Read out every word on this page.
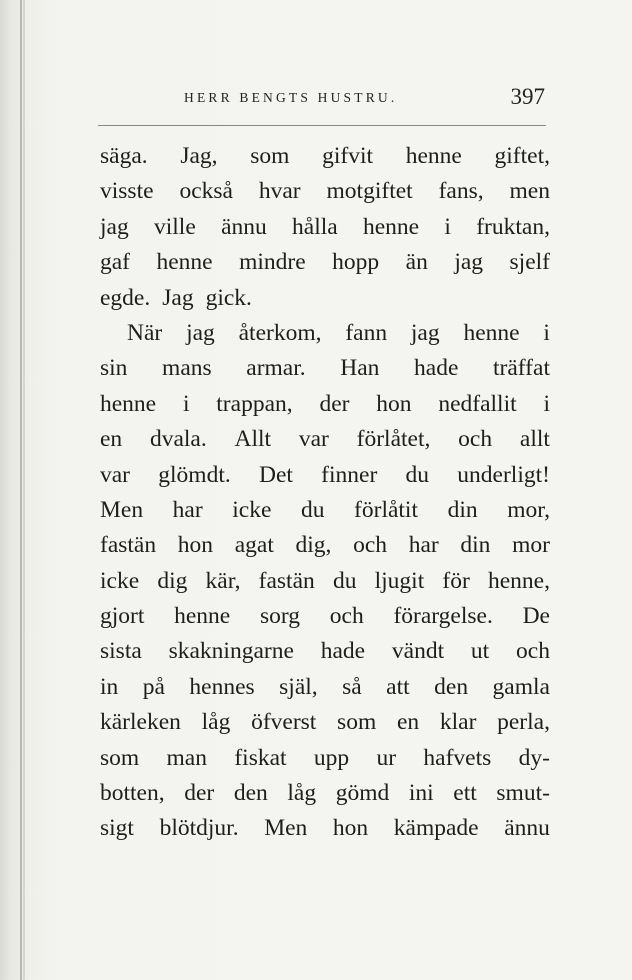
HERR BENGTS HUSTRU.	397
säga. Jag, som gifvit henne giftet,
visste också hvar motgiftet fans, men
jag ville ännu hålla henne i fruktan,
gaf henne mindre hopp än jag sjelf
egde. Jag gick.
När jag återkom, fann jag henne i
sin mans armar. Han hade träffat
henne i trappan, der hon nedfallit i
en dvala. Allt var förlåtet, och allt
var glömdt. Det finner du underligt!
Men har icke du förlåtit din mor,
fastän hon agat dig, och har din mor
icke dig kär, fastän du ljugit för henne,
gjort henne sorg och förargelse. De
sista skakningarne hade vändt ut och
in på hennes själ, så att den gamla
kärleken låg öfverst som en klar perla,
som man fiskat upp ur hafvets dy-
botten, der den låg gömd ini ett smut-
sigt blötdjur. Men hon kämpade ännu
